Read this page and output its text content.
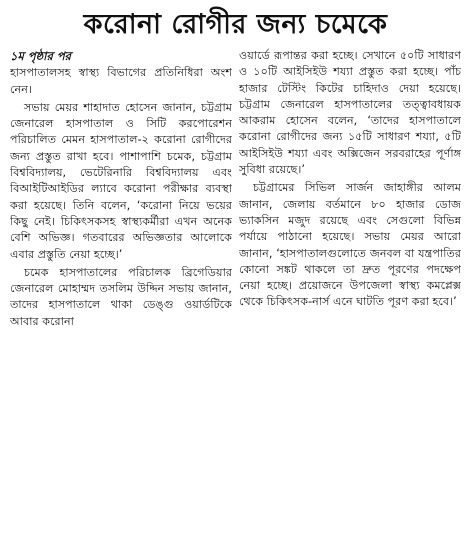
করোনা রোগীর জন্য চমেকে
১ম পৃষ্ঠার পর

হাসপাতালসহ স্বাস্থ্য বিভাগের প্রতিনিধিরা অংশ নেন।

সভায় মেয়র শাহাদাত হোসেন জানান, চট্টগ্রাম জেনারেল হাসপাতাল ও সিটি করপোরেশন পরিচালিত মেমন হাসপাতাল-২ করোনা রোগীদের জন্য প্রস্তুত রাখা হবে। পাশাপাশি চমেক, চট্টগ্রাম বিশ্ববিদ্যালয়, ভেটেরিনারি বিশ্ববিদ্যালয় এবং বিআইটিআইডির ল্যাবে করোনা পরীক্ষার ব্যবস্থা করা হয়েছে। তিনি বলেন, ‘করোনা নিয়ে ভয়ের কিছু নেই। চিকিৎসকসহ স্বাস্থ্যকর্মীরা এখন অনেক বেশি অভিজ্ঞ। গতবারের অভিজ্ঞতার আলোকে এবার প্রস্তুতি নেয়া হচ্ছে।’

চমেক হাসপাতালের পরিচালক ব্রিগেডিয়ার জেনারেল মোহাম্মদ তসলিম উদ্দিন সভায় জানান, তাদের হাসপাতালে থাকা ডেঙ্গু ওয়ার্ডটিকে আবার করোনা

ওয়ার্ডে রূপান্তর করা হচ্ছে। সেখানে ৫০টি সাধারণ ও ১০টি আইসিইউ শয্যা প্রস্তুত করা হচ্ছে। পাঁচ হাজার টেস্টিং কিটের চাহিদাও দেয়া হয়েছে। চট্টগ্রাম জেনারেল হাসপাতালের তত্ত্বাবধায়ক আকরাম হোসেন বলেন, ‘তাদের হাসপাতালে করোনা রোগীদের জন্য ১৫টি সাধারণ শয্যা, ৫টি আইসিইউ শয্যা এবং অক্সিজেন সরবরাহের পূর্ণাঙ্গ সুবিধা রয়েছে।’

চট্টগ্রামের সিভিল সার্জন জাহাঙ্গীর আলম জানান, জেলায় বর্তমানে ৮০ হাজার ডোজ ভ্যাকসিন মজুদ রয়েছে এবং সেগুলো বিভিন্ন পর্যায়ে পাঠানো হয়েছে। সভায় মেয়র আরো জানান, ‘হাসপাতালগুলোতে জনবল বা যন্ত্রপাতির কোনো সঙ্কট থাকলে তা দ্রুত পূরণের পদক্ষেপ নেয়া হচ্ছে। প্রয়োজনে উপজেলা স্বাস্থ্য কমপ্লেক্স থেকে চিকিৎসক-নার্স এনে ঘাটতি পূরণ করা হবে।’
